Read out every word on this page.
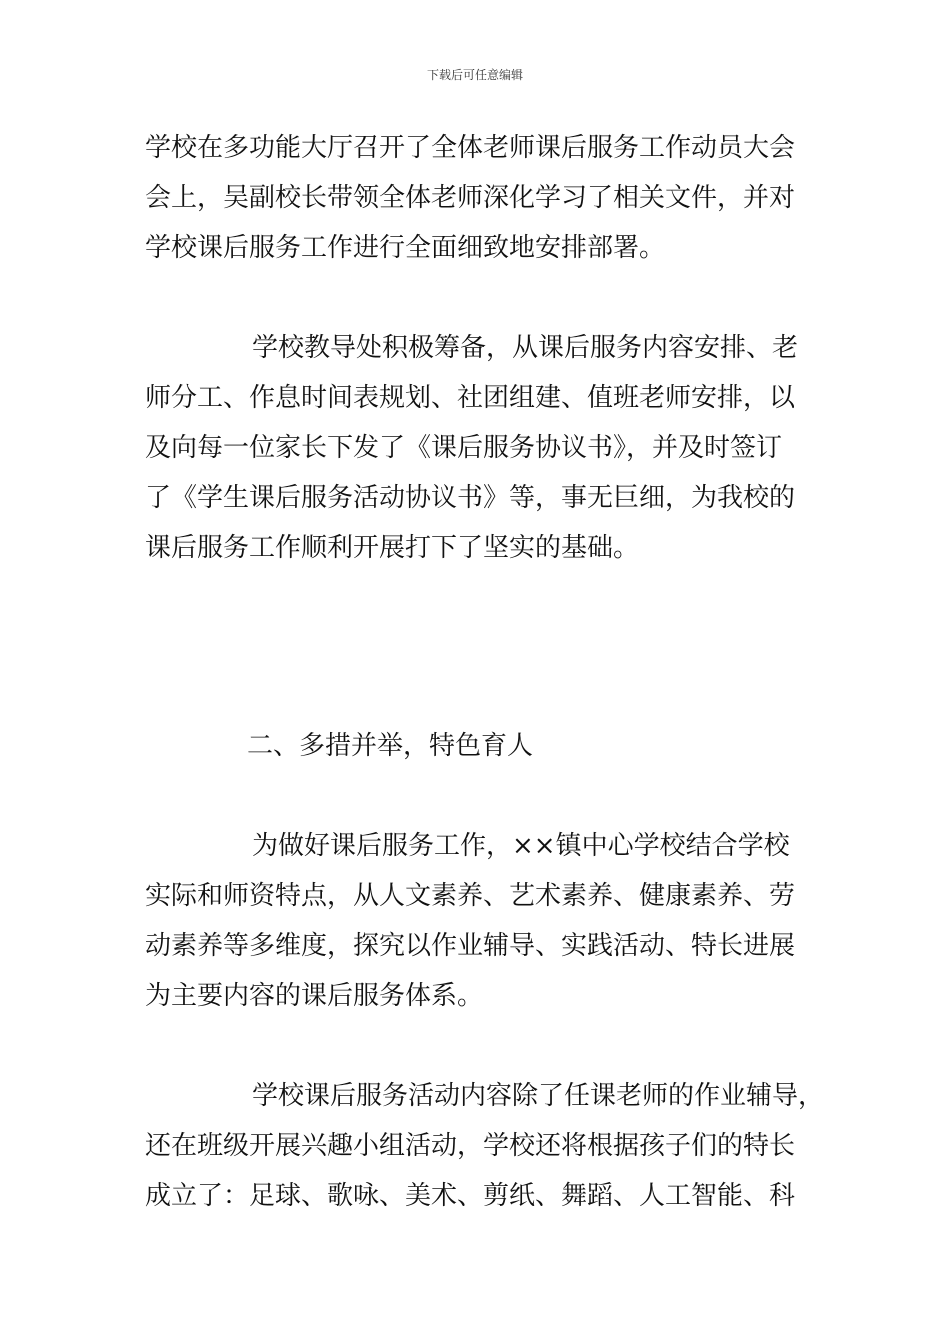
下载后可任意编辑
学校在多功能大厅召开了全体老师课后服务工作动员大会
会上，吴副校长带领全体老师深化学习了相关文件，并对
学校课后服务工作进行全面细致地安排部署。
学校教导处积极筹备，从课后服务内容安排、老
师分工、作息时间表规划、社团组建、值班老师安排，以
及向每一位家长下发了《课后服务协议书》，并及时签订
了《学生课后服务活动协议书》等，事无巨细，为我校的
课后服务工作顺利开展打下了坚实的基础。
二、多措并举，特色育人
为做好课后服务工作，××镇中心学校结合学校
实际和师资特点，从人文素养、艺术素养、健康素养、劳
动素养等多维度，探究以作业辅导、实践活动、特长进展
为主要内容的课后服务体系。
学校课后服务活动内容除了任课老师的作业辅导，
还在班级开展兴趣小组活动，学校还将根据孩子们的特长
成立了：足球、歌咏、美术、剪纸、舞蹈、人工智能、科
